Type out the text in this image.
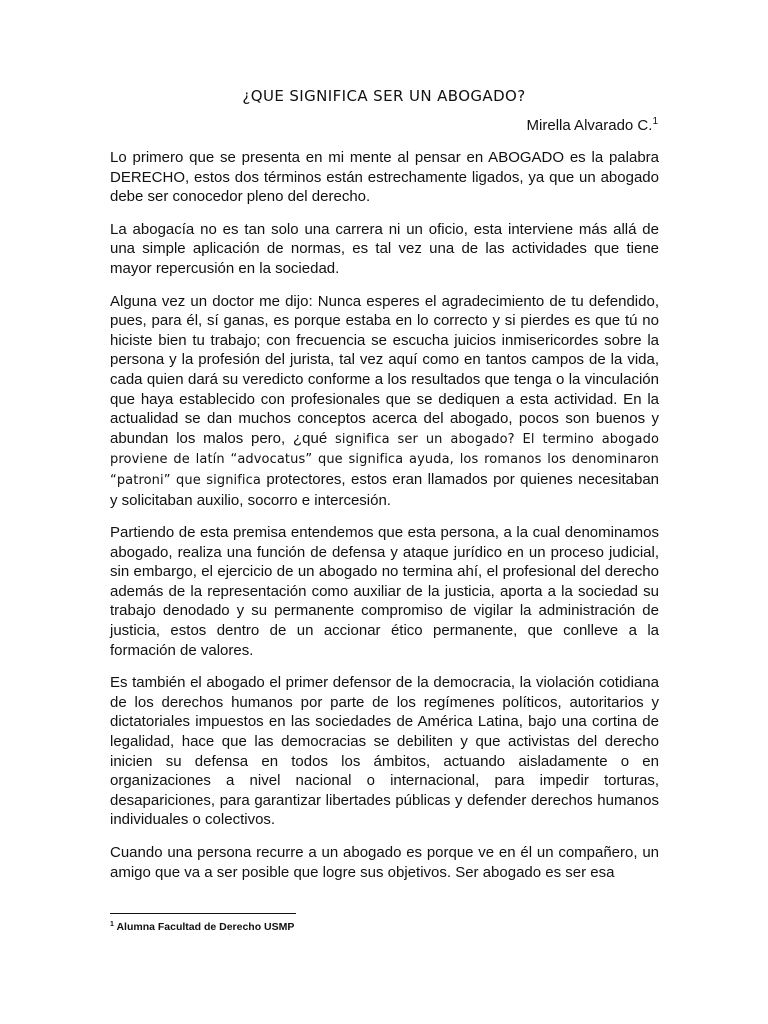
¿QUE SIGNIFICA SER UN ABOGADO?
Mirella Alvarado C.$^1$

Lo primero que se presenta en mi mente al pensar en ABOGADO es la palabra DERECHO, estos dos términos están estrechamente ligados, ya que un abogado debe ser conocedor pleno del derecho.

La abogacía no es tan solo una carrera ni un oficio, esta interviene más allá de una simple aplicación de normas, es tal vez una de las actividades que tiene mayor repercusión en la sociedad.

Alguna vez un doctor me dijo: Nunca esperes el agradecimiento de tu defendido, pues, para él, sí ganas, es porque estaba en lo correcto y si pierdes es que tú no hiciste bien tu trabajo; con frecuencia se escucha juicios inmisericordes sobre la persona y la profesión del jurista, tal vez aquí como en tantos campos de la vida, cada quien dará su veredicto conforme a los resultados que tenga o la vinculación que haya establecido con profesionales que se dediquen a esta actividad. En la actualidad se dan muchos conceptos acerca del abogado, pocos son buenos y abundan los malos pero, ¿qué significa ser un abogado? El termino abogado proviene de latín “advocatus” que significa ayuda, los romanos los denominaron “patroni” que significa protectores, estos eran llamados por quienes necesitaban y solicitaban auxilio, socorro e intercesión.

Partiendo de esta premisa entendemos que esta persona, a la cual denominamos abogado, realiza una función de defensa y ataque jurídico en un proceso judicial, sin embargo, el ejercicio de un abogado no termina ahí, el profesional del derecho además de la representación como auxiliar de la justicia, aporta a la sociedad su trabajo denodado y su permanente compromiso de vigilar la administración de justicia, estos dentro de un accionar ético permanente, que conlleve a la formación de valores.

Es también el abogado el primer defensor de la democracia, la violación cotidiana de los derechos humanos por parte de los regímenes políticos, autoritarios y dictatoriales impuestos en las sociedades de América Latina, bajo una cortina de legalidad, hace que las democracias se debiliten y que activistas del derecho inicien su defensa en todos los ámbitos, actuando aisladamente o en organizaciones a nivel nacional o internacional, para impedir torturas, desapariciones, para garantizar libertades públicas y defender derechos humanos individuales o colectivos.

Cuando una persona recurre a un abogado es porque ve en él un compañero, un amigo que va a ser posible que logre sus objetivos. Ser abogado es ser esa

$^1$ Alumna Facultad de Derecho USMP
